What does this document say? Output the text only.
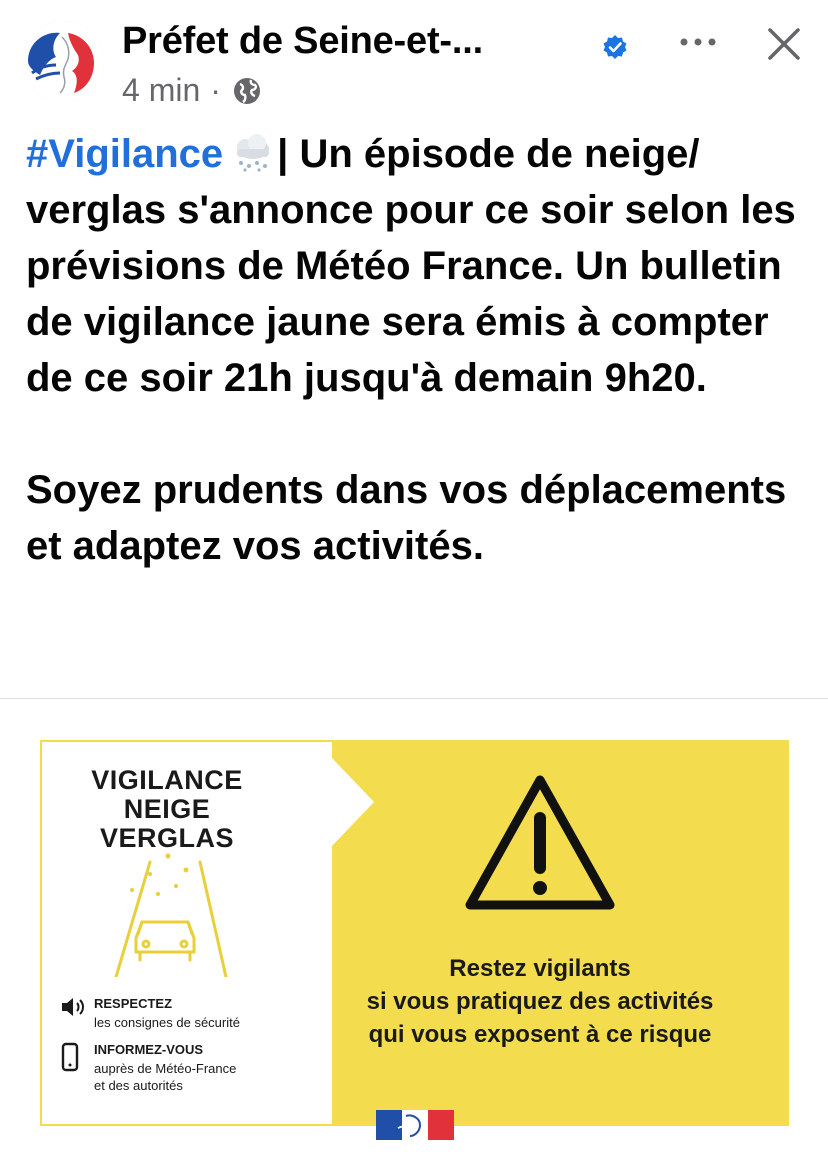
Préfet de Seine-et-...
4 min ·

#Vigilance | Un épisode de neige/ verglas s'annonce pour ce soir selon les prévisions de Météo France. Un bulletin de vigilance jaune sera émis à compter de ce soir 21h jusqu'à demain 9h20.

Soyez prudents dans vos déplacements et adaptez vos activités.

VIGILANCE
NEIGE
VERGLAS
RESPECTEZ
les consignes de sécurité
INFORMEZ-VOUS
auprès de Météo-France
et des autorités
Restez vigilants
si vous pratiquez des activités
qui vous exposent à ce risque
